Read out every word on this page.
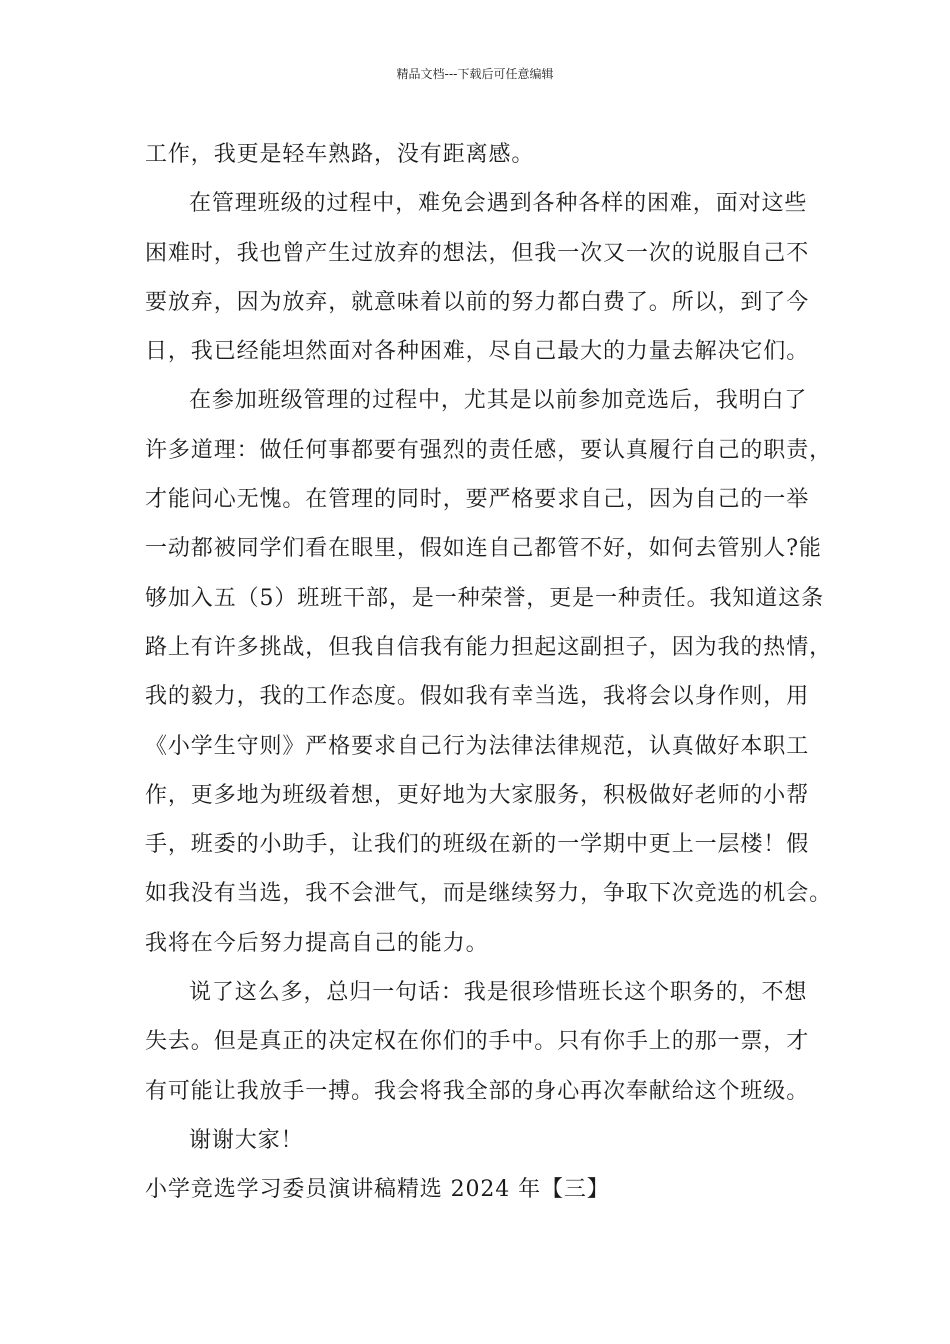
精品文档---下载后可任意编辑
工作，我更是轻车熟路，没有距离感。
在管理班级的过程中，难免会遇到各种各样的困难，面对这些
困难时，我也曾产生过放弃的想法，但我一次又一次的说服自己不
要放弃，因为放弃，就意味着以前的努力都白费了。所以，到了今
日，我已经能坦然面对各种困难，尽自己最大的力量去解决它们。
在参加班级管理的过程中，尤其是以前参加竞选后，我明白了
许多道理：做任何事都要有强烈的责任感，要认真履行自己的职责，
才能问心无愧。在管理的同时，要严格要求自己，因为自己的一举
一动都被同学们看在眼里，假如连自己都管不好，如何去管别人?能
够加入五（5）班班干部，是一种荣誉，更是一种责任。我知道这条
路上有许多挑战，但我自信我有能力担起这副担子，因为我的热情，
我的毅力，我的工作态度。假如我有幸当选，我将会以身作则，用
《小学生守则》严格要求自己行为法律法律规范，认真做好本职工
作，更多地为班级着想，更好地为大家服务，积极做好老师的小帮
手，班委的小助手，让我们的班级在新的一学期中更上一层楼！假
如我没有当选，我不会泄气，而是继续努力，争取下次竞选的机会。
我将在今后努力提高自己的能力。
说了这么多，总归一句话：我是很珍惜班长这个职务的，不想
失去。但是真正的决定权在你们的手中。只有你手上的那一票，才
有可能让我放手一搏。我会将我全部的身心再次奉献给这个班级。
谢谢大家！
小学竞选学习委员演讲稿精选 2024 年【三】
